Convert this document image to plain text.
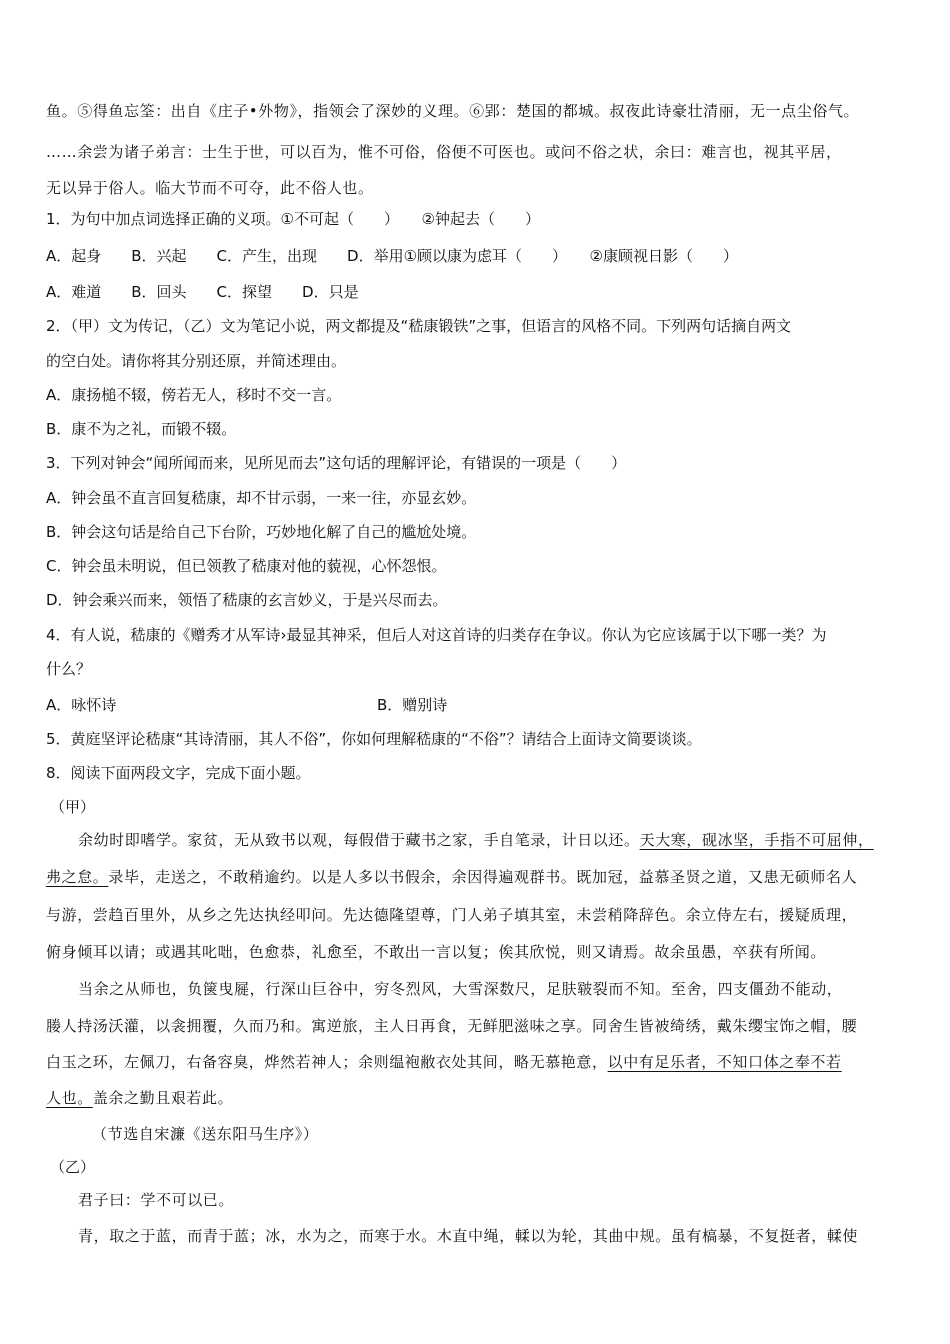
鱼。⑤得鱼忘筌：出自《庄子•外物》，指领会了深妙的义理。⑥郢：楚国的都城。叔夜此诗豪壮清丽，无一点尘俗气。
……余尝为诸子弟言：士生于世，可以百为，惟不可俗，俗便不可医也。或问不俗之状，余曰：难言也，视其平居，
无以异于俗人。临大节而不可夺，此不俗人也。
1．为句中加点词选择正确的义项。①不可起（　　）　　②钟起去（　　）
A．起身　　B．兴起　　C．产生，出现　　D．举用①顾以康为虑耳（　　）　　②康顾视日影（　　）
A．难道　　B．回头　　C．探望　　D．只是
2．（甲）文为传记，（乙）文为笔记小说，两文都提及“嵇康锻铁”之事，但语言的风格不同。下列两句话摘自两文
的空白处。请你将其分别还原，并简述理由。
A．康扬槌不辍，傍若无人，移时不交一言。
B．康不为之礼，而锻不辍。
3．下列对钟会“闻所闻而来，见所见而去”这句话的理解评论，有错误的一项是（　　）
A．钟会虽不直言回复嵇康，却不甘示弱，一来一往，亦显玄妙。
B．钟会这句话是给自己下台阶，巧妙地化解了自己的尴尬处境。
C．钟会虽未明说，但已领教了嵇康对他的藐视，心怀怨恨。
D．钟会乘兴而来，领悟了嵇康的玄言妙义，于是兴尽而去。
4．有人说，嵇康的《赠秀才从军诗›最显其神采，但后人对这首诗的归类存在争议。你认为它应该属于以下哪一类？为
什么？
A．咏怀诗	B．赠别诗
5．黄庭坚评论嵇康“其诗清丽，其人不俗”，你如何理解嵇康的“不俗”？请结合上面诗文简要谈谈。
8．阅读下面两段文字，完成下面小题。
（甲）
余幼时即嗜学。家贫，无从致书以观，每假借于藏书之家，手自笔录，计日以还。天大寒，砚冰坚，手指不可屈伸，
弗之怠。录毕，走送之，不敢稍逾约。以是人多以书假余，余因得遍观群书。既加冠，益慕圣贤之道，又患无硕师名人
与游，尝趋百里外，从乡之先达执经叩问。先达德隆望尊，门人弟子填其室，未尝稍降辞色。余立侍左右，援疑质理，
俯身倾耳以请；或遇其叱咄，色愈恭，礼愈至，不敢出一言以复；俟其欣悦，则又请焉。故余虽愚，卒获有所闻。
当余之从师也，负箧曳屣，行深山巨谷中，穷冬烈风，大雪深数尺，足肤皲裂而不知。至舍，四支僵劲不能动，
媵人持汤沃灌，以衾拥覆，久而乃和。寓逆旅，主人日再食，无鲜肥滋味之享。同舍生皆被绮绣，戴朱缨宝饰之帽，腰
白玉之环，左佩刀，右备容臭，烨然若神人；余则缊袍敝衣处其间，略无慕艳意，以中有足乐者，不知口体之奉不若
人也。盖余之勤且艰若此。
（节选自宋濂《送东阳马生序》）
（乙）
君子曰：学不可以已。
青，取之于蓝，而青于蓝；冰，水为之，而寒于水。木直中绳，輮以为轮，其曲中规。虽有槁暴，不复挺者，輮使
